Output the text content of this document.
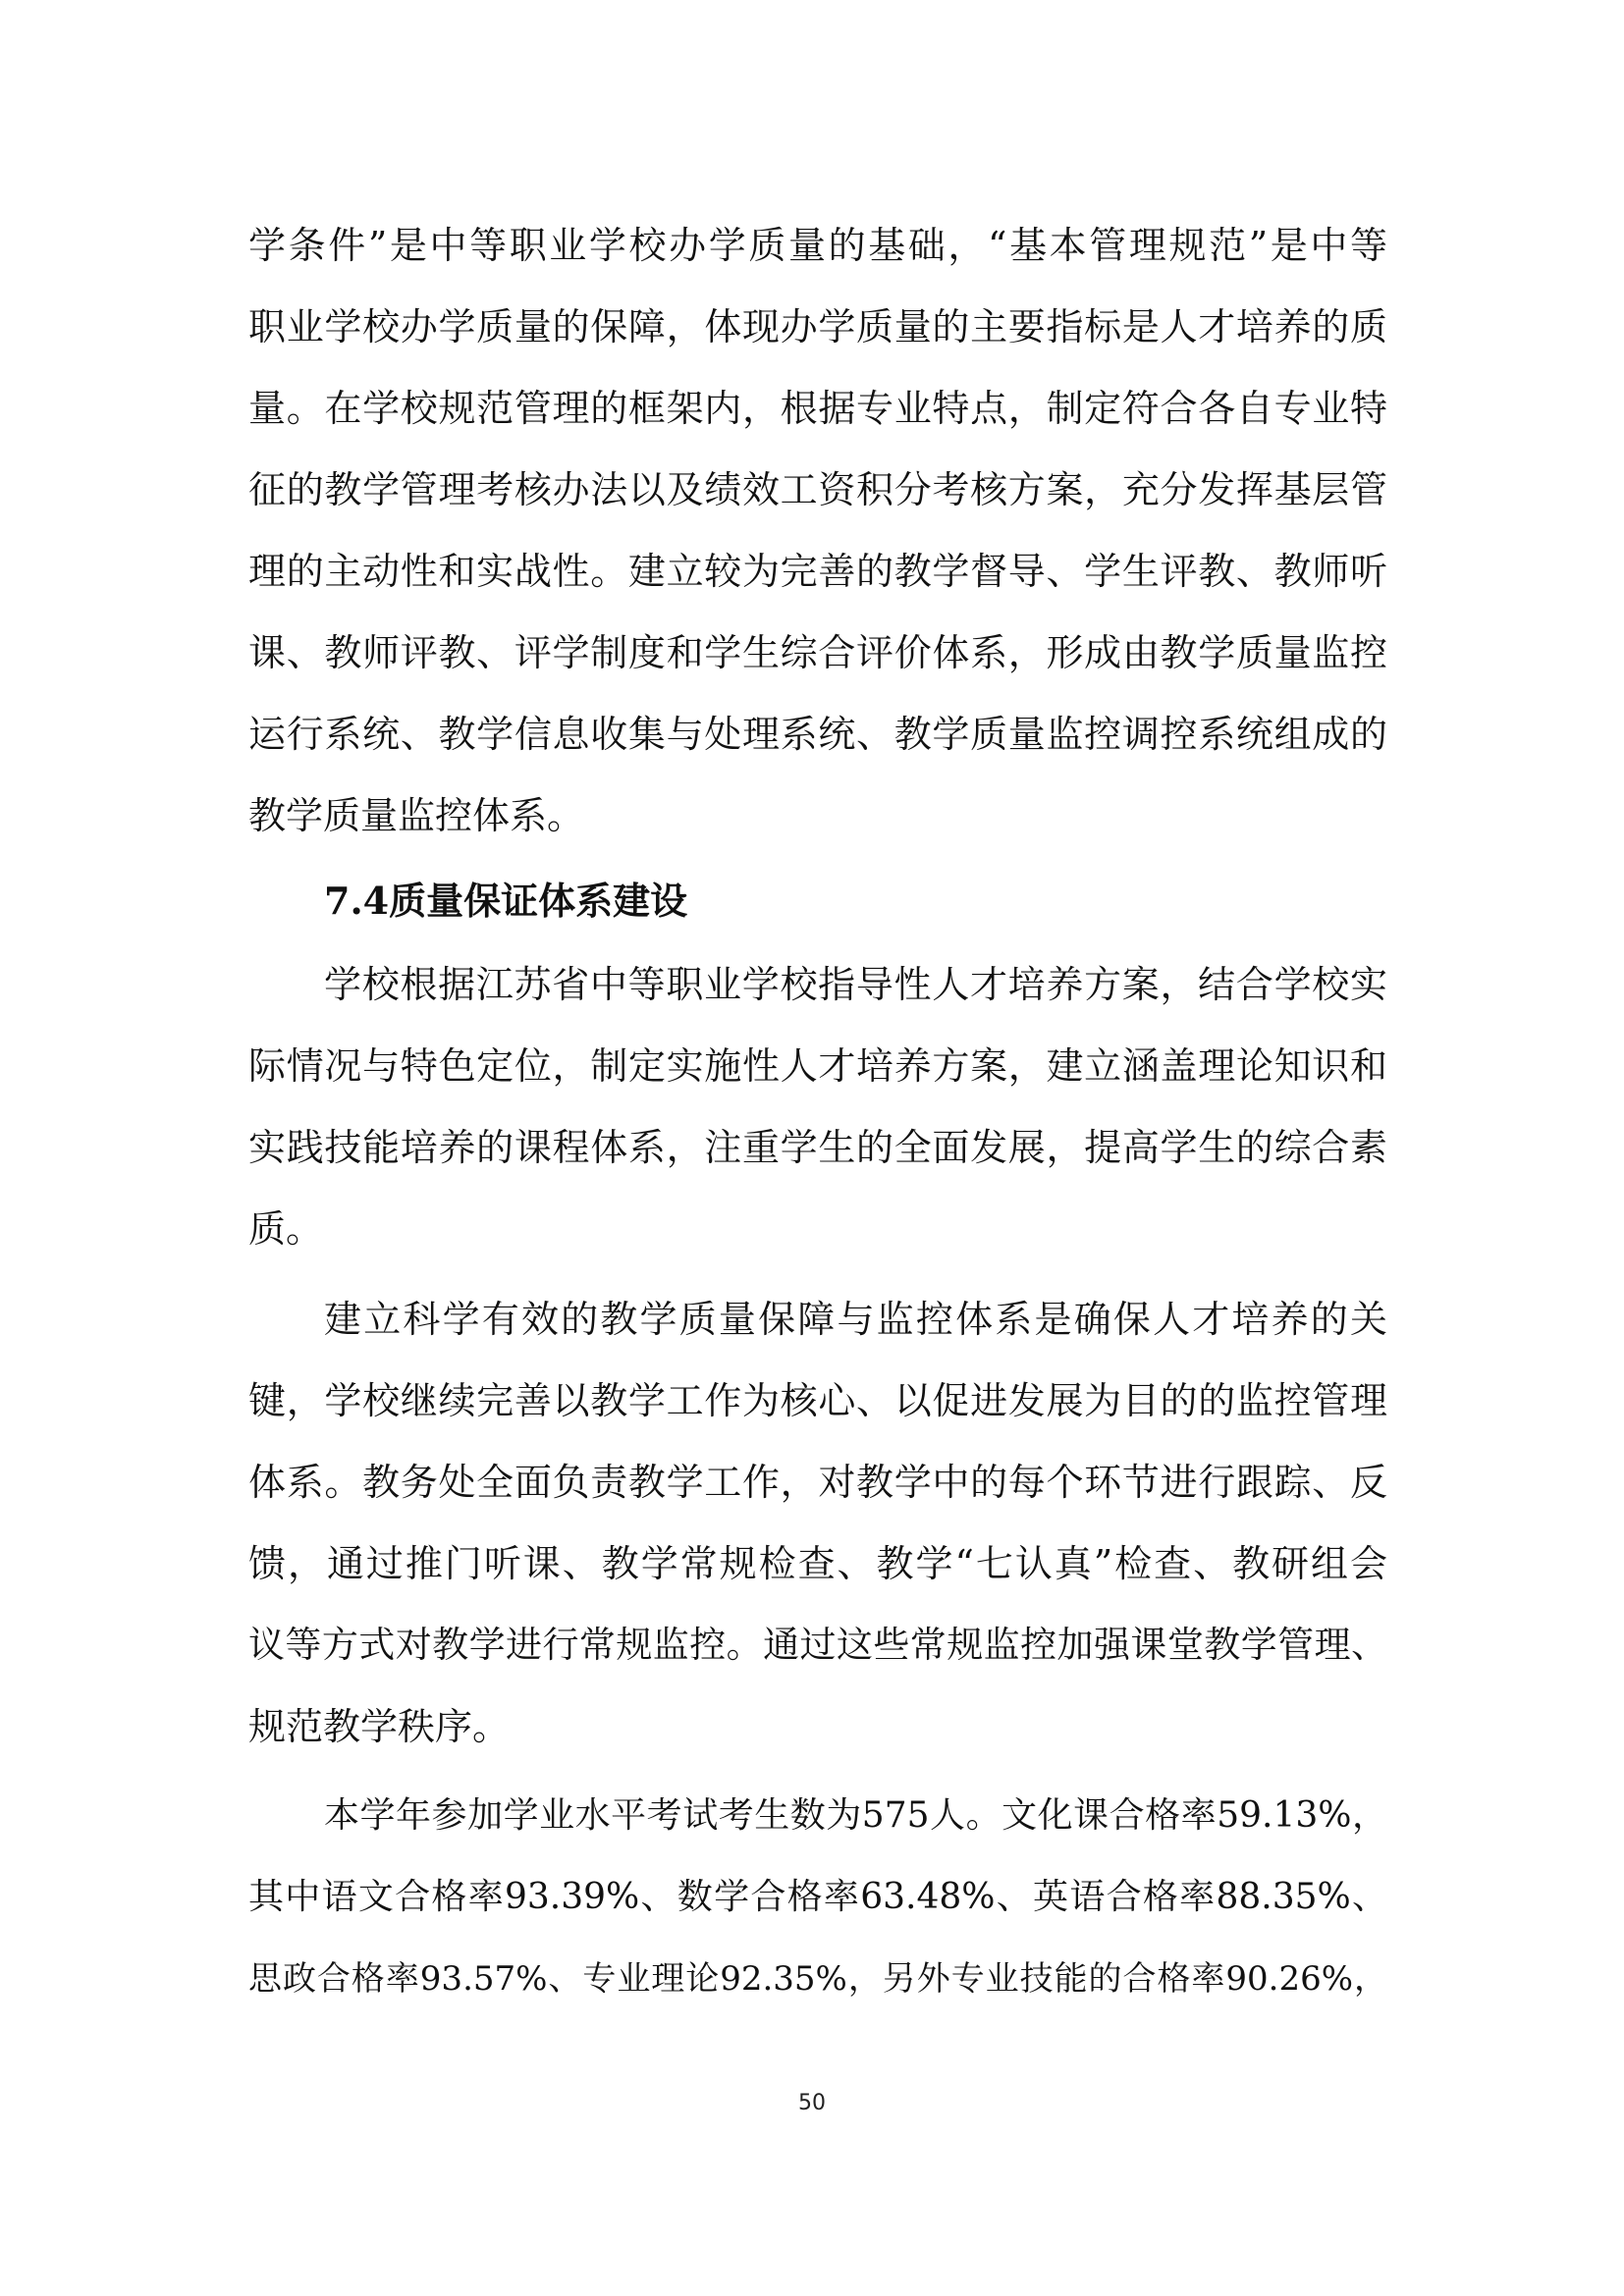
学条件”是中等职业学校办学质量的基础，“基本管理规范”是中等
职业学校办学质量的保障，体现办学质量的主要指标是人才培养的质
量。在学校规范管理的框架内，根据专业特点，制定符合各自专业特
征的教学管理考核办法以及绩效工资积分考核方案，充分发挥基层管
理的主动性和实战性。建立较为完善的教学督导、学生评教、教师听
课、教师评教、评学制度和学生综合评价体系，形成由教学质量监控
运行系统、教学信息收集与处理系统、教学质量监控调控系统组成的
教学质量监控体系。
7.4质量保证体系建设
学校根据江苏省中等职业学校指导性人才培养方案，结合学校实
际情况与特色定位，制定实施性人才培养方案，建立涵盖理论知识和
实践技能培养的课程体系，注重学生的全面发展，提高学生的综合素
质。
建立科学有效的教学质量保障与监控体系是确保人才培养的关
键，学校继续完善以教学工作为核心、以促进发展为目的的监控管理
体系。教务处全面负责教学工作，对教学中的每个环节进行跟踪、反
馈，通过推门听课、教学常规检查、教学“七认真”检查、教研组会
议等方式对教学进行常规监控。通过这些常规监控加强课堂教学管理、
规范教学秩序。
本学年参加学业水平考试考生数为575人。文化课合格率59.13%，
其中语文合格率93.39%、数学合格率63.48%、英语合格率88.35%、
思政合格率93.57%、专业理论92.35%，另外专业技能的合格率90.26%，
50
